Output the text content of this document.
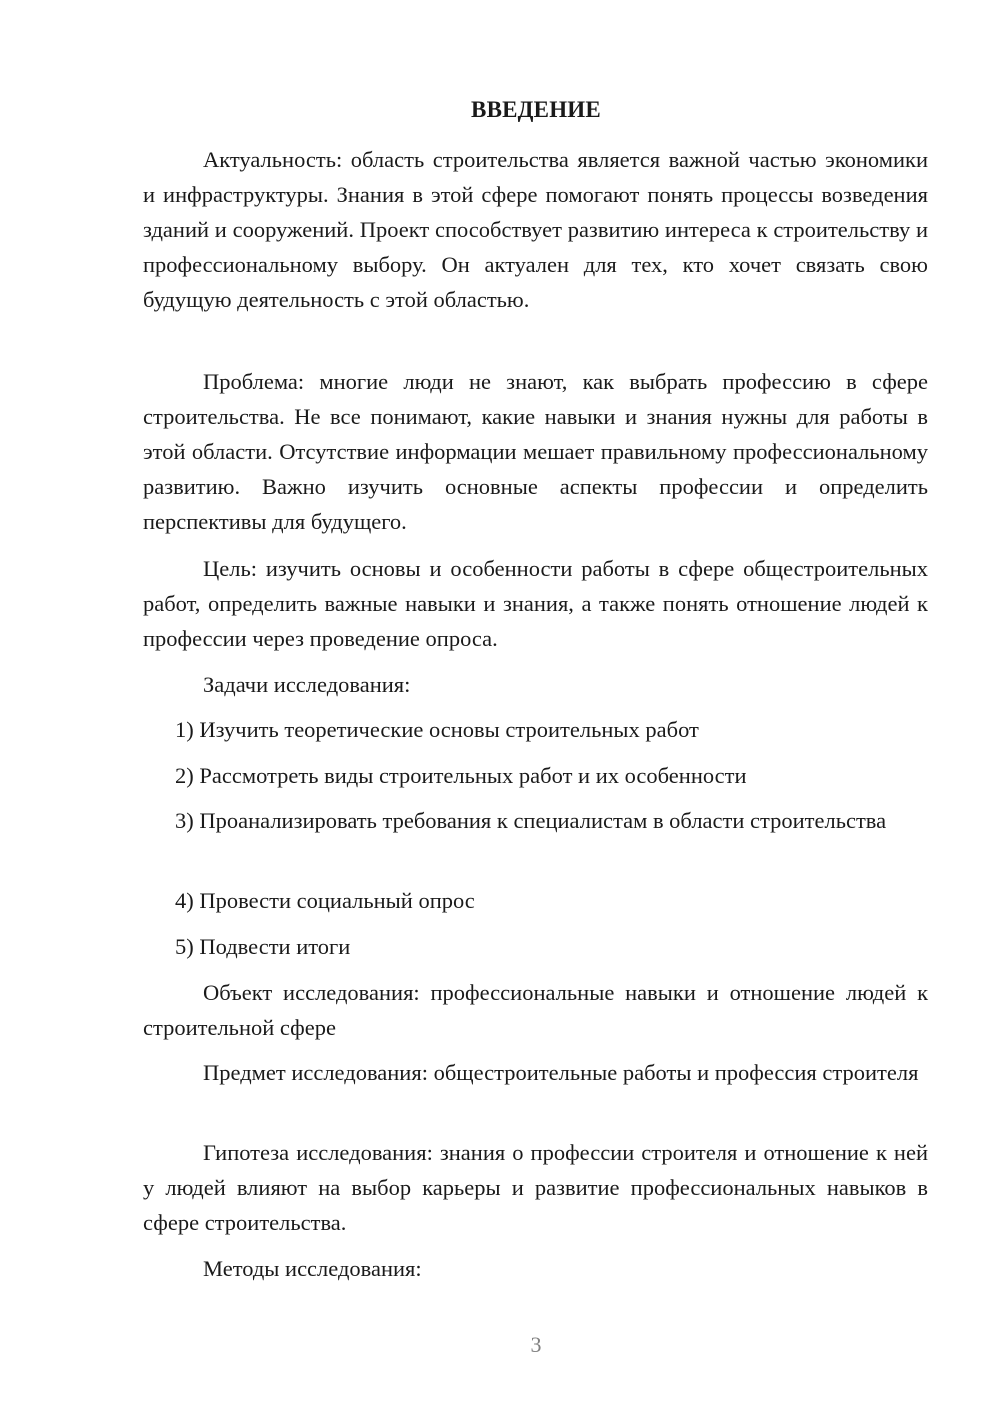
ВВЕДЕНИЕ

Актуальность: область строительства является важной частью экономики и инфраструктуры. Знания в этой сфере помогают понять процессы возведения зданий и сооружений. Проект способствует развитию интереса к строительству и профессиональному выбору. Он актуален для тех, кто хочет связать свою будущую деятельность с этой областью.

Проблема: многие люди не знают, как выбрать профессию в сфере строительства. Не все понимают, какие навыки и знания нужны для работы в этой области. Отсутствие информации мешает правильному профессиональному развитию. Важно изучить основные аспекты профессии и определить перспективы для будущего.

Цель: изучить основы и особенности работы в сфере общестроительных работ, определить важные навыки и знания, а также понять отношение людей к профессии через проведение опроса.

Задачи исследования:

1) Изучить теоретические основы строительных работ

2) Рассмотреть виды строительных работ и их особенности

3) Проанализировать требования к специалистам в области строительства

4) Провести социальный опрос

5) Подвести итоги

Объект исследования: профессиональные навыки и отношение людей к строительной сфере

Предмет исследования: общестроительные работы и профессия строителя

Гипотеза исследования: знания о профессии строителя и отношение к ней у людей влияют на выбор карьеры и развитие профессиональных навыков в сфере строительства.

Методы исследования:

3
